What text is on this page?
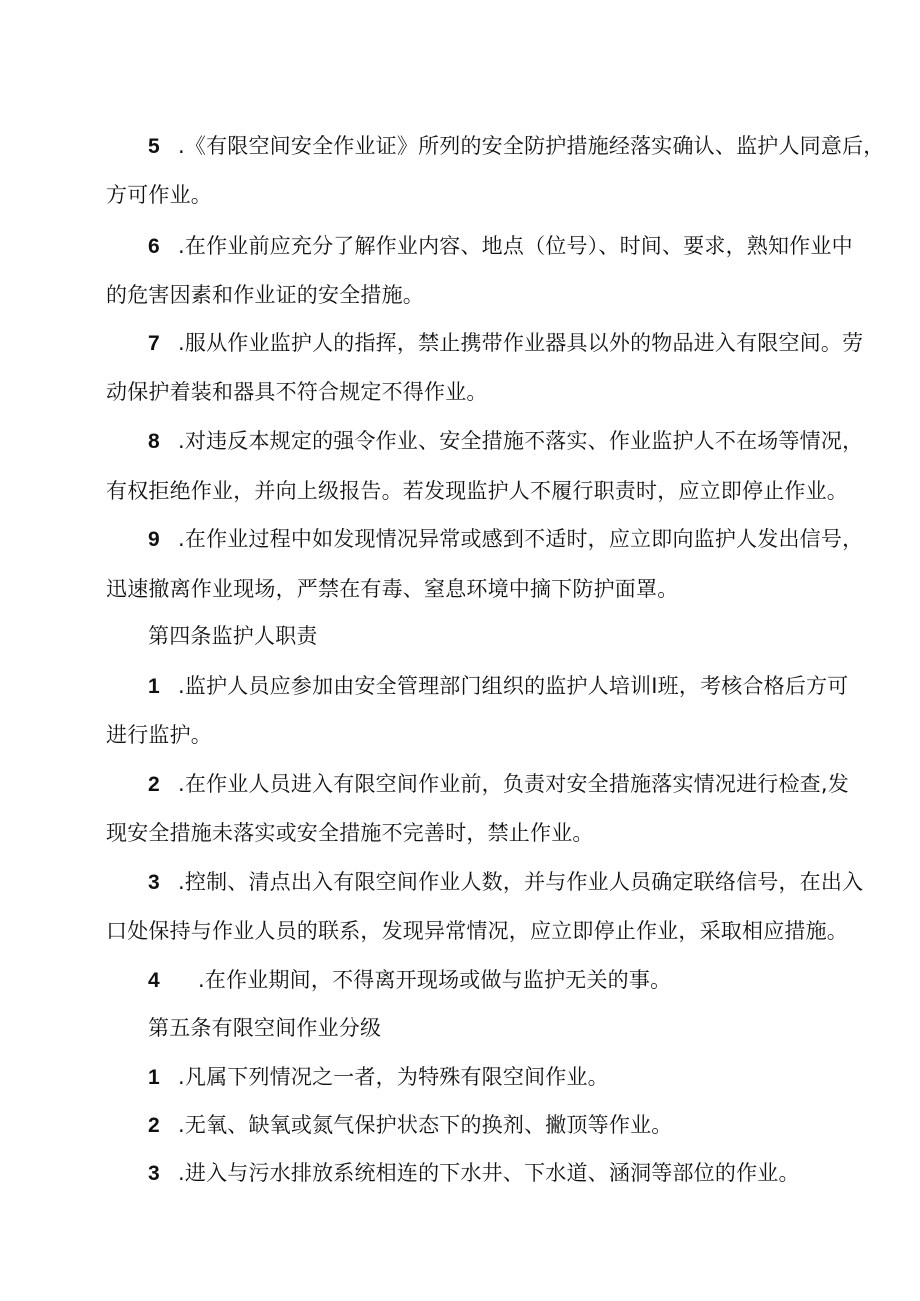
5 .《有限空间安全作业证》所列的安全防护措施经落实确认、监护人同意后，
方可作业。
6 .在作业前应充分了解作业内容、地点（位号）、时间、要求，熟知作业中
的危害因素和作业证的安全措施。
7 .服从作业监护人的指挥，禁止携带作业器具以外的物品进入有限空间。劳
动保护着装和器具不符合规定不得作业。
8 .对违反本规定的强令作业、安全措施不落实、作业监护人不在场等情况，
有权拒绝作业，并向上级报告。若发现监护人不履行职责时，应立即停止作业。
9 .在作业过程中如发现情况异常或感到不适时，应立即向监护人发出信号，
迅速撤离作业现场，严禁在有毒、窒息环境中摘下防护面罩。
第四条监护人职责
1 .监护人员应参加由安全管理部门组织的监护人培训I班，考核合格后方可
进行监护。
2 .在作业人员进入有限空间作业前，负责对安全措施落实情况进行检查,发
现安全措施未落实或安全措施不完善时，禁止作业。
3 .控制、清点出入有限空间作业人数，并与作业人员确定联络信号，在出入
口处保持与作业人员的联系，发现异常情况，应立即停止作业，采取相应措施。
4 .在作业期间，不得离开现场或做与监护无关的事。
第五条有限空间作业分级
1 .凡属下列情况之一者，为特殊有限空间作业。
2 .无氧、缺氧或氮气保护状态下的换剂、撇顶等作业。
3 .进入与污水排放系统相连的下水井、下水道、涵洞等部位的作业。
